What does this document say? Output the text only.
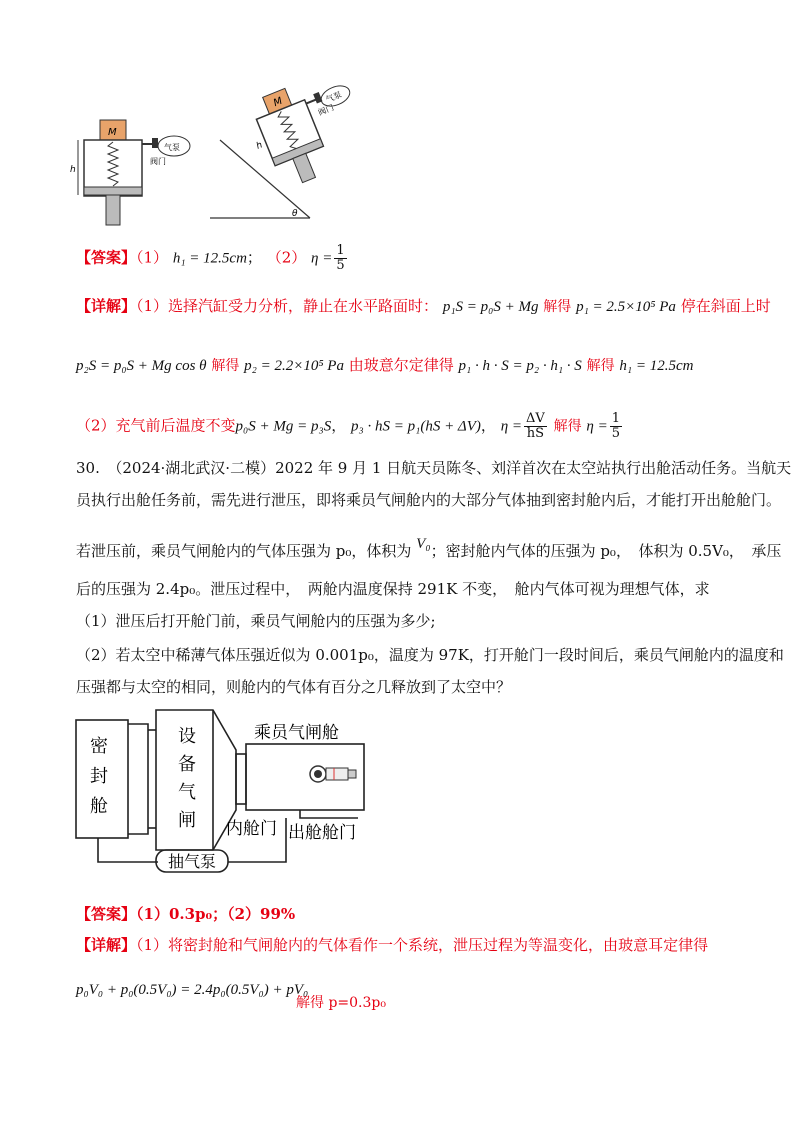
M
h
阀门
气泵
θ
M
阀门
气泵
h
【答案】（1） h₁ = 12.5cm； （2） $\eta = \frac{1}{5}$
【详解】（1）选择汽缸受力分析，静止在水平路面时： p₁S = p₀S + Mg 解得 p₁ = 2.5×10⁵ Pa 停在斜面上时
p₂S = p₀S + Mg cos θ 解得 p₂ = 2.2×10⁵ Pa 由玻意尔定律得 p₁ · h · S = p₂ · h₁ · S 解得 h₁ = 12.5cm
（2）充气前后温度不变p₀S + Mg = p₃S， p₃ · hS = p₁(hS + ΔV)， $\eta = \frac{\Delta V}{hS}$ 解得 $\eta = \frac{1}{5}$
30.　（2024·湖北武汉·二模）2022 年 9 月 1 日航天员陈冬、刘洋首次在太空站执行出舱活动任务。当航天
员执行出舱任务前，需先进行泄压，即将乘员气闸舱内的大部分气体抽到密封舱内后，才能打开出舱舱门。
若泄压前，乘员气闸舱内的气体压强为 p₀，体积为 V₀；密封舱内气体的压强为 p₀，　体积为 0.5V₀，　承压
后的压强为 2.4p₀。泄压过程中，　两舱内温度保持 291K 不变，　舱内气体可视为理想气体，求
（1）泄压后打开舱门前，乘员气闸舱内的压强为多少;
（2）若太空中稀薄气体压强近似为 0.001p₀，温度为 97K，打开舱门一段时间后，乘员气闸舱内的温度和
压强都与太空的相同，则舱内的气体有百分之几释放到了太空中？
密
封
舱
设
备
气
闸
乘员气闸舱
内舱门 出舱舱门
抽气泵
【答案】（1）0.3p₀；（2）99%
【详解】（1）将密封舱和气闸舱内的气体看作一个系统，泄压过程为等温变化，由玻意耳定律得
p₀V₀ + p₀(0.5V₀) = 2.4p₀(0.5V₀) + pV₀
解得 p=0.3p₀
